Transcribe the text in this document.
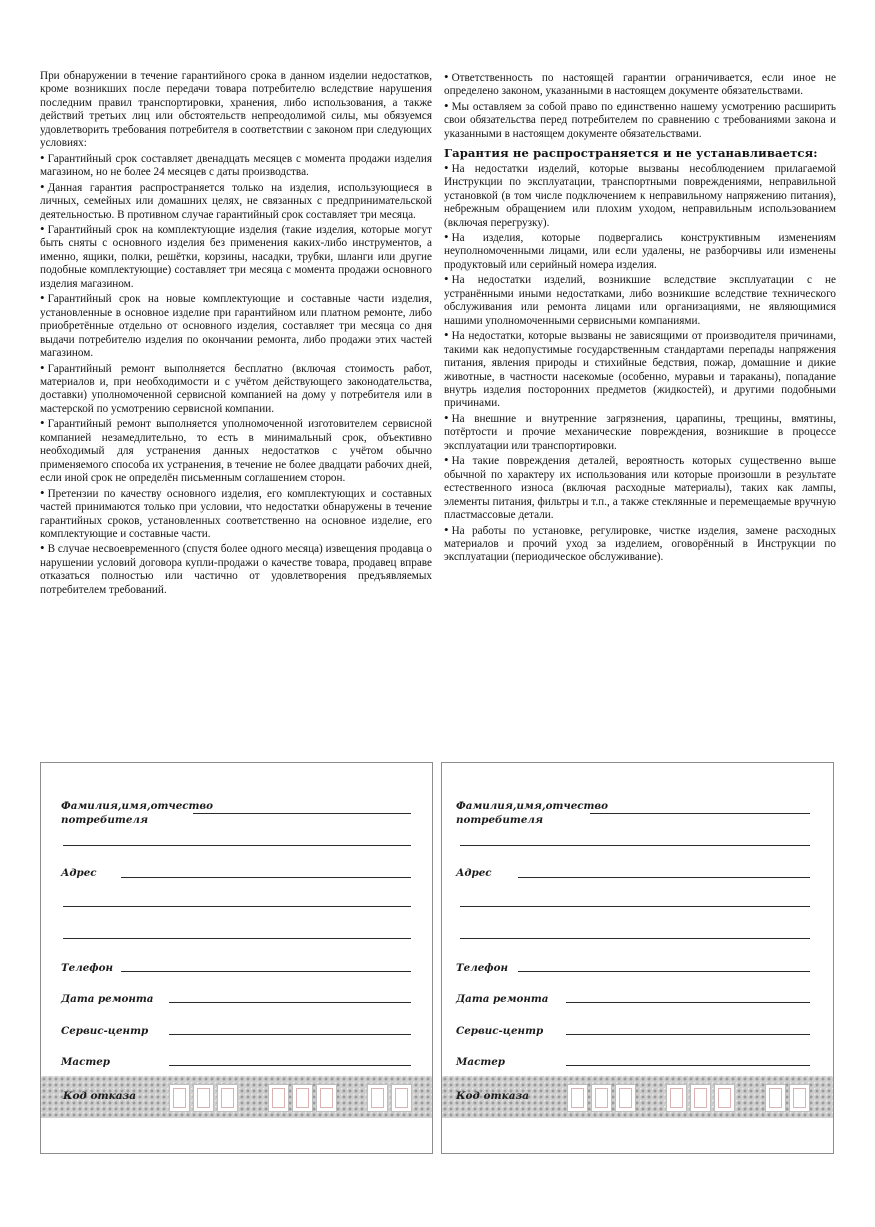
При обнаружении в течение гарантийного срока в данном изделии недостатков, кроме возникших после передачи товара потребителю вследствие нарушения последним правил транспортировки, хранения, либо использования, а также действий третьих лиц или обстоятельств непреодолимой силы, мы обязуемся удовлетворить требования потребителя в соответствии с законом при следующих условиях:

• Гарантийный срок составляет двенадцать месяцев с момента продажи изделия магазином, но не более 24 месяцев с даты производства.

• Данная гарантия распространяется только на изделия, использующиеся в личных, семейных или домашних целях, не связанных с предпринимательской деятельностью. В противном случае гарантийный срок составляет три месяца.

• Гарантийный срок на комплектующие изделия (такие изделия, которые могут быть сняты с основного изделия без применения каких-либо инструментов, а именно, ящики, полки, решётки, корзины, насадки, трубки, шланги или другие подобные комплектующие) составляет три месяца с момента продажи основного изделия магазином.

• Гарантийный срок на новые комплектующие и составные части изделия, установленные в основное изделие при гарантийном или платном ремонте, либо приобретённые отдельно от основного изделия, составляет три месяца со дня выдачи потребителю изделия по окончании ремонта, либо продажи этих частей магазином.

• Гарантийный ремонт выполняется бесплатно (включая стоимость работ, материалов и, при необходимости и с учётом действующего законодательства, доставки) уполномоченной сервисной компанией на дому у потребителя или в мастерской по усмотрению сервисной компании.

• Гарантийный ремонт выполняется уполномоченной изготовителем сервисной компанией незамедлительно, то есть в минимальный срок, объективно необходимый для устранения данных недостатков с учётом обычно применяемого способа их устранения, в течение не более двадцати рабочих дней, если иной срок не определён письменным соглашением сторон.

• Претензии по качеству основного изделия, его комплектующих и составных частей принимаются только при условии, что недостатки обнаружены в течение гарантийных сроков, установленных соответственно на основное изделие, его комплектующие и составные части.

• В случае несвоевременного (спустя более одного месяца) извещения продавца о нарушении условий договора купли-продажи о качестве товара, продавец вправе отказаться полностью или частично от удовлетворения предъявляемых потребителем требований.

• Ответственность по настоящей гарантии ограничивается, если иное не определено законом, указанными в настоящем документе обязательствами.

• Мы оставляем за собой право по единственно нашему усмотрению расширить свои обязательства перед потребителем по сравнению с требованиями закона и указанными в настоящем документе обязательствами.

Гарантия не распространяется и не устанавливается:

• На недостатки изделий, которые вызваны несоблюдением прилагаемой Инструкции по эксплуатации, транспортными повреждениями, неправильной установкой (в том числе подключением к неправильному напряжению питания), небрежным обращением или плохим уходом, неправильным использованием (включая перегрузку).

• На изделия, которые подвергались конструктивным изменениям неуполномоченными лицами, или если удалены, не разборчивы или изменены продуктовый или серийный номера изделия.

• На недостатки изделий, возникшие вследствие эксплуатации с не устранёнными иными недостатками, либо возникшие вследствие технического обслуживания или ремонта лицами или организациями, не являющимися нашими уполномоченными сервисными компаниями.

• На недостатки, которые вызваны не зависящими от производителя причинами, такими как недопустимые государственным стандартами перепады напряжения питания, явления природы и стихийные бедствия, пожар, домашние и дикие животные, в частности насекомые (особенно, муравьи и тараканы), попадание внутрь изделия посторонних предметов (жидкостей), и другими подобными причинами.

• На внешние и внутренние загрязнения, царапины, трещины, вмятины, потёртости и прочие механические повреждения, возникшие в процессе эксплуатации или транспортировки.

• На такие повреждения деталей, вероятность которых существенно выше обычной по характеру их использования или которые произошли в результате естественного износа (включая расходные материалы), таких как лампы, элементы питания, фильтры и т.п., а также стеклянные и перемещаемые вручную пластмассовые детали.

• На работы по установке, регулировке, чистке изделия, замене расходных материалов и прочий уход за изделием, оговорённый в Инструкции по эксплуатации (периодическое обслуживание).

Фамилия,имя,отчество
потребителя
Адрес
Телефон
Дата ремонта
Сервис-центр
Мастер
Код отказа
Фамилия,имя,отчество
потребителя
Адрес
Телефон
Дата ремонта
Сервис-центр
Мастер
Код отказа
